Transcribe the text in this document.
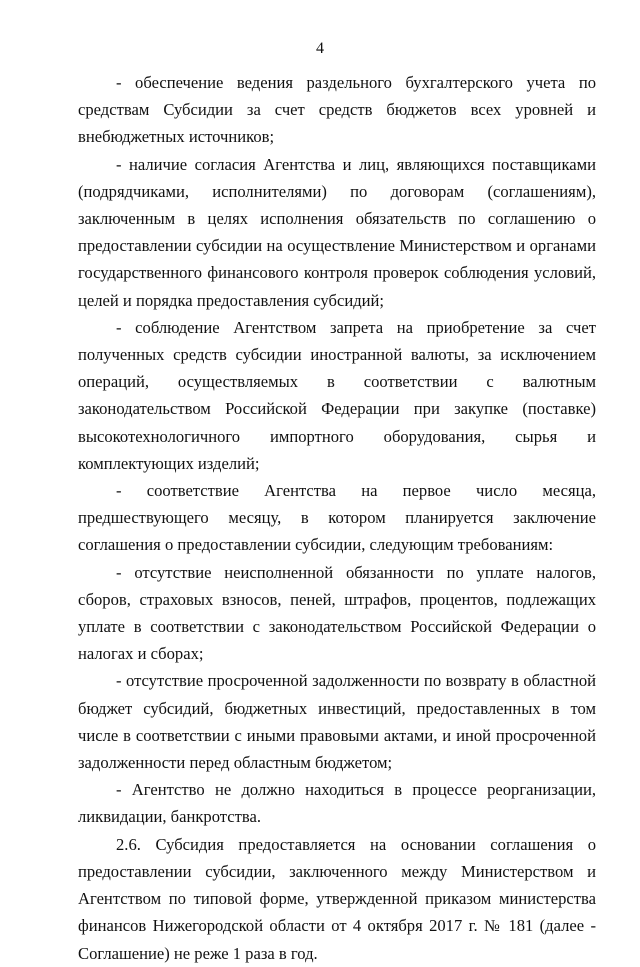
4

- обеспечение ведения раздельного бухгалтерского учета по средствам Субсидии за счет средств бюджетов всех уровней и внебюджетных источников;

- наличие согласия Агентства и лиц, являющихся поставщиками (подрядчиками, исполнителями) по договорам (соглашениям), заключенным в целях исполнения обязательств по соглашению о предоставлении субсидии на осуществление Министерством и органами государственного финансового контроля проверок соблюдения условий, целей и порядка предоставления субсидий;

- соблюдение Агентством запрета на приобретение за счет полученных средств субсидии иностранной валюты, за исключением операций, осуществляемых в соответствии с валютным законодательством Российской Федерации при закупке (поставке) высокотехнологичного импортного оборудования, сырья и комплектующих изделий;

- соответствие Агентства на первое число месяца, предшествующего месяцу, в котором планируется заключение соглашения о предоставлении субсидии, следующим требованиям:

- отсутствие неисполненной обязанности по уплате налогов, сборов, страховых взносов, пеней, штрафов, процентов, подлежащих уплате в соответствии с законодательством Российской Федерации о налогах и сборах;

- отсутствие просроченной задолженности по возврату в областной бюджет субсидий, бюджетных инвестиций, предоставленных в том числе в соответствии с иными правовыми актами, и иной просроченной задолженности перед областным бюджетом;

- Агентство не должно находиться в процессе реорганизации, ликвидации, банкротства.

2.6. Субсидия предоставляется на основании соглашения о предоставлении субсидии, заключенного между Министерством и Агентством по типовой форме, утвержденной приказом министерства финансов Нижегородской области от 4 октября 2017 г. № 181 (далее - Соглашение) не реже 1 раза в год.
